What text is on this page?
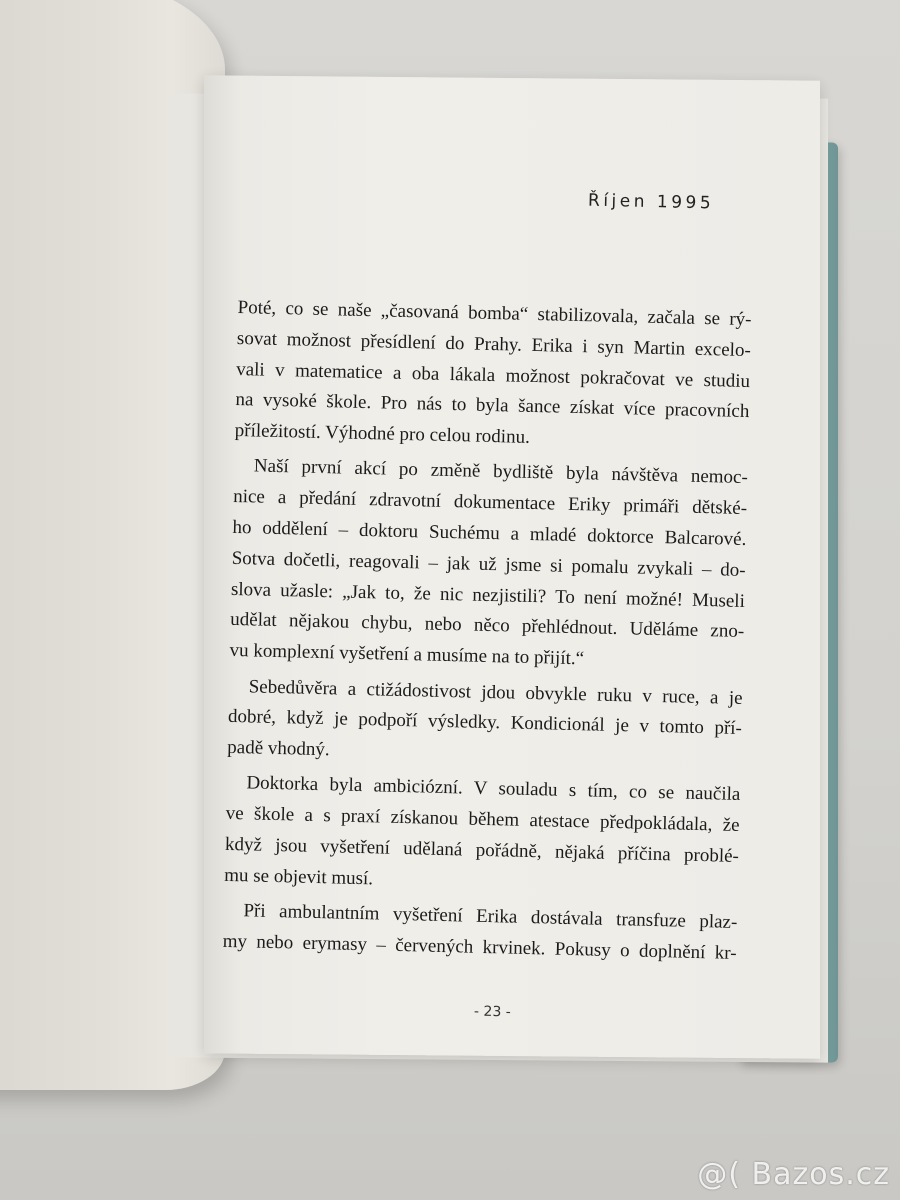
Říjen 1995

Poté, co se naše „časovaná bomba“ stabilizovala, začala se rý-
sovat možnost přesídlení do Prahy. Erika i syn Martin excelo-
vali v matematice a oba lákala možnost pokračovat ve studiu
na vysoké škole. Pro nás to byla šance získat více pracovních
příležitostí. Výhodné pro celou rodinu.

Naší první akcí po změně bydliště byla návštěva nemoc-
nice a předání zdravotní dokumentace Eriky primáři dětské-
ho oddělení – doktoru Suchému a mladé doktorce Balcarové.
Sotva dočetli, reagovali – jak už jsme si pomalu zvykali – do-
slova užasle: „Jak to, že nic nezjistili? To není možné! Museli
udělat nějakou chybu, nebo něco přehlédnout. Uděláme zno-
vu komplexní vyšetření a musíme na to přijít.“

Sebedůvěra a ctižádostivost jdou obvykle ruku v ruce, a je
dobré, když je podpoří výsledky. Kondicionál je v tomto pří-
padě vhodný.

Doktorka byla ambiciózní. V souladu s tím, co se naučila
ve škole a s praxí získanou během atestace předpokládala, že
když jsou vyšetření udělaná pořádně, nějaká příčina problé-
mu se objevit musí.

Při ambulantním vyšetření Erika dostávala transfuze plaz-
my nebo erymasy – červených krvinek. Pokusy o doplnění kr-

- 23 -
@( Bazos.cz
